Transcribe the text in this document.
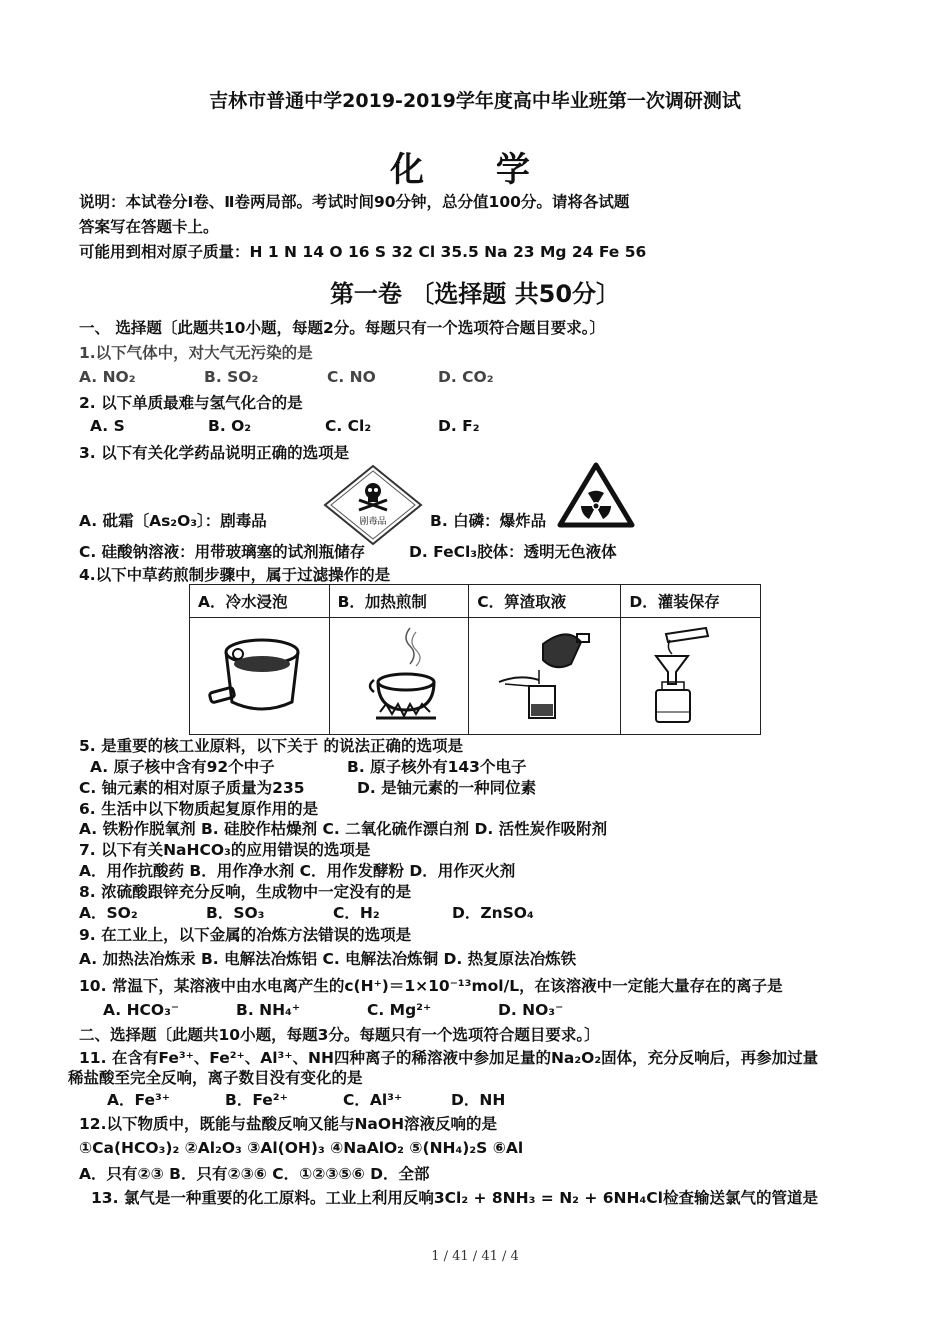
吉林市普通中学2019-2019学年度高中毕业班第一次调研测试
化 学
说明：本试卷分Ⅰ卷、Ⅱ卷两局部。考试时间90分钟，总分值100分。请将各试题
答案写在答题卡上。
可能用到相对原子质量：H 1 N 14 O 16 S 32 Cl 35.5 Na 23 Mg 24 Fe 56
第一卷 〔选择题 共50分〕
一、 选择题〔此题共10小题，每题2分。每题只有一个选项符合题目要求。〕
1.以下气体中，对大气无污染的是
A. NO₂	B. SO₂	C. NO	D. CO₂
2. 以下单质最难与氢气化合的是
A. S	B. O₂	C. Cl₂	D. F₂
3. 以下有关化学药品说明正确的选项是
A. 砒霜〔As₂O₃〕：剧毒品	剧毒品	B. 白磷：爆炸品
C. 硅酸钠溶液：用带玻璃塞的试剂瓶储存	D. FeCl₃胶体：透明无色液体
4.以下中草药煎制步骤中，属于过滤操作的是
A．冷水浸泡	B．加热煎制	C．箅渣取液	D．灌装保存

5. 是重要的核工业原料，以下关于 的说法正确的选项是
A. 原子核中含有92个中子	B. 原子核外有143个电子
C. 铀元素的相对原子质量为235	D. 是铀元素的一种同位素
6. 生活中以下物质起复原作用的是
A. 铁粉作脱氧剂 B. 硅胶作枯燥剂 C. 二氧化硫作漂白剂 D. 活性炭作吸附剂
7. 以下有关NaHCO₃的应用错误的选项是
A．用作抗酸药 B．用作净水剂 C．用作发酵粉 D．用作灭火剂
8. 浓硫酸跟锌充分反响，生成物中一定没有的是
A．SO₂	B．SO₃	C．H₂	D．ZnSO₄
9. 在工业上，以下金属的冶炼方法错误的选项是
A. 加热法冶炼汞 B. 电解法冶炼铝 C. 电解法冶炼铜 D. 热复原法冶炼铁
10. 常温下，某溶液中由水电离产生的c(H⁺)＝1×10⁻¹³mol/L，在该溶液中一定能大量存在的离子是
A. HCO₃⁻	B. NH₄⁺	C. Mg²⁺	D. NO₃⁻
二、选择题〔此题共10小题，每题3分。每题只有一个选项符合题目要求。〕
11. 在含有Fe³⁺、Fe²⁺、Al³⁺、NH四种离子的稀溶液中参加足量的Na₂O₂固体，充分反响后，再参加过量
稀盐酸至完全反响，离子数目没有变化的是
A．Fe³⁺	B．Fe²⁺	C．Al³⁺	D．NH
12.以下物质中，既能与盐酸反响又能与NaOH溶液反响的是
①Ca(HCO₃)₂ ②Al₂O₃ ③Al(OH)₃ ④NaAlO₂ ⑤(NH₄)₂S ⑥Al
A．只有②③ B．只有②③⑥ C．①②③⑤⑥ D．全部
13. 氯气是一种重要的化工原料。工业上利用反响3Cl₂ + 8NH₃ = N₂ + 6NH₄Cl检查输送氯气的管道是
1 / 41 / 41 / 4
